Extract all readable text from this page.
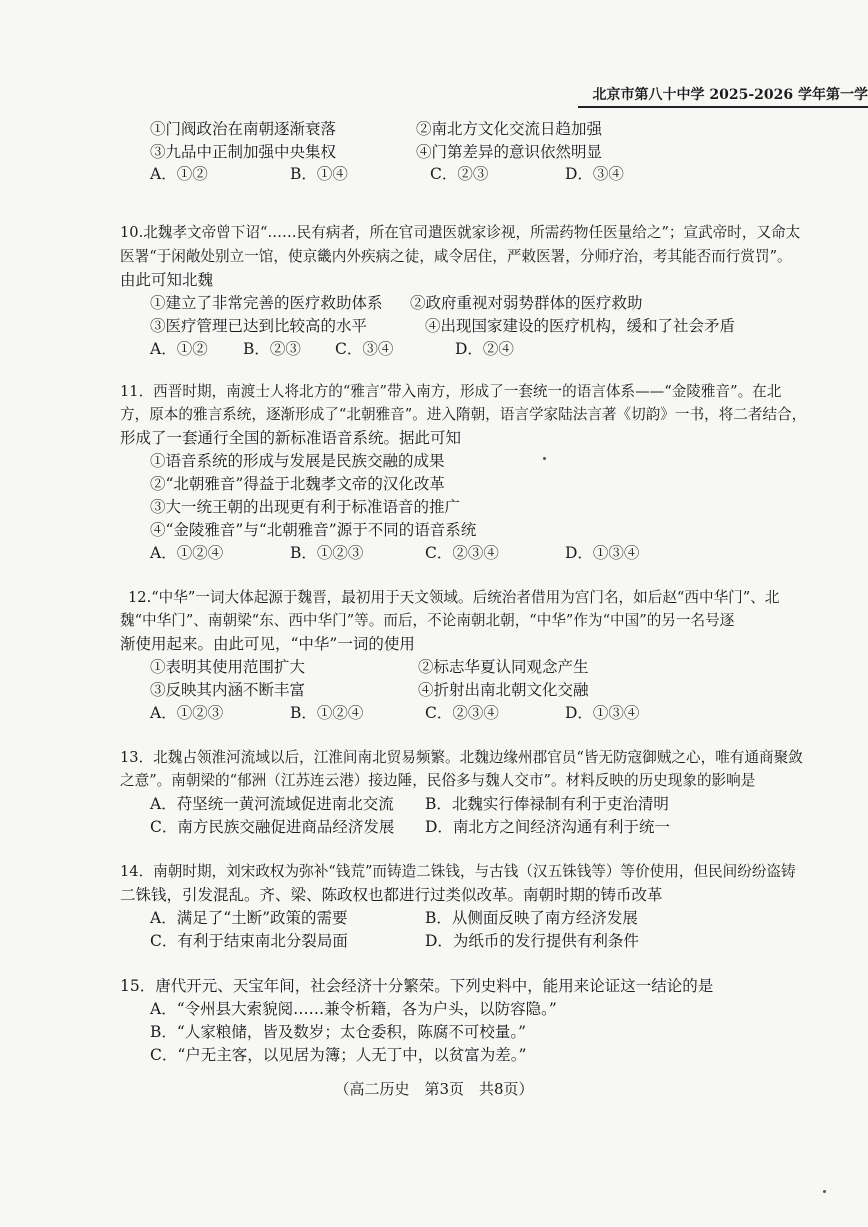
北京市第八十中学 2025-2026 学年第一学
①门阀政治在南朝逐渐衰落	②南北方文化交流日趋加强
③九品中正制加强中央集权	④门第差异的意识依然明显
A．①②	B．①④	C．②③	D．③④
10.北魏孝文帝曾下诏“……民有病者，所在官司遣医就家诊视，所需药物任医量给之”；宣武帝时，又命太
医署“于闲敞处别立一馆，使京畿内外疾病之徒，咸令居住，严敕医署，分师疗治，考其能否而行赏罚”。
由此可知北魏
①建立了非常完善的医疗救助体系 ②政府重视对弱势群体的医疗救助
③医疗管理已达到比较高的水平	④出现国家建设的医疗机构，缓和了社会矛盾
A．①② B．②③ C．③④	D．②④
11．西晋时期，南渡士人将北方的“雅言”带入南方，形成了一套统一的语言体系——“金陵雅音”。在北
方，原本的雅言系统，逐渐形成了“北朝雅音”。进入隋朝，语言学家陆法言著《切韵》一书，将二者结合，
形成了一套通行全国的新标准语音系统。据此可知
①语音系统的形成与发展是民族交融的成果
②“北朝雅音”得益于北魏孝文帝的汉化改革
③大一统王朝的出现更有利于标准语音的推广
④“金陵雅音”与“北朝雅音”源于不同的语音系统
A．①②④	B．①②③	C．②③④	D．①③④
12.“中华”一词大体起源于魏晋，最初用于天文领域。后统治者借用为宫门名，如后赵“西中华门”、北
魏“中华门”、南朝梁“东、西中华门”等。而后，不论南朝北朝，“中华”作为“中国”的另一名号逐
渐使用起来。由此可见，“中华”一词的使用
①表明其使用范围扩大	②标志华夏认同观念产生
③反映其内涵不断丰富	④折射出南北朝文化交融
A．①②③	B．①②④	C．②③④	D．①③④
13．北魏占领淮河流域以后，江淮间南北贸易频繁。北魏边缘州郡官员“皆无防寇御贼之心，唯有通商聚敛
之意”。南朝梁的“郁洲（江苏连云港）接边陲，民俗多与魏人交市”。材料反映的历史现象的影响是
A．苻坚统一黄河流域促进南北交流 B．北魏实行俸禄制有利于吏治清明
C．南方民族交融促进商品经济发展 D．南北方之间经济沟通有利于统一
14．南朝时期，刘宋政权为弥补“钱荒”而铸造二铢钱，与古钱（汉五铢钱等）等价使用，但民间纷纷盗铸
二铢钱，引发混乱。齐、梁、陈政权也都进行过类似改革。南朝时期的铸币改革
A．满足了“土断”政策的需要	B．从侧面反映了南方经济发展
C．有利于结束南北分裂局面	D．为纸币的发行提供有利条件
15．唐代开元、天宝年间，社会经济十分繁荣。下列史料中，能用来论证这一结论的是
A．“令州县大索貌阅……兼令析籍，各为户头，以防容隐。”
B．“人家粮储，皆及数岁；太仓委积，陈腐不可校量。”
C．“户无主客，以见居为簿；人无丁中，以贫富为差。”
（高二历史　第3页　共8页）
